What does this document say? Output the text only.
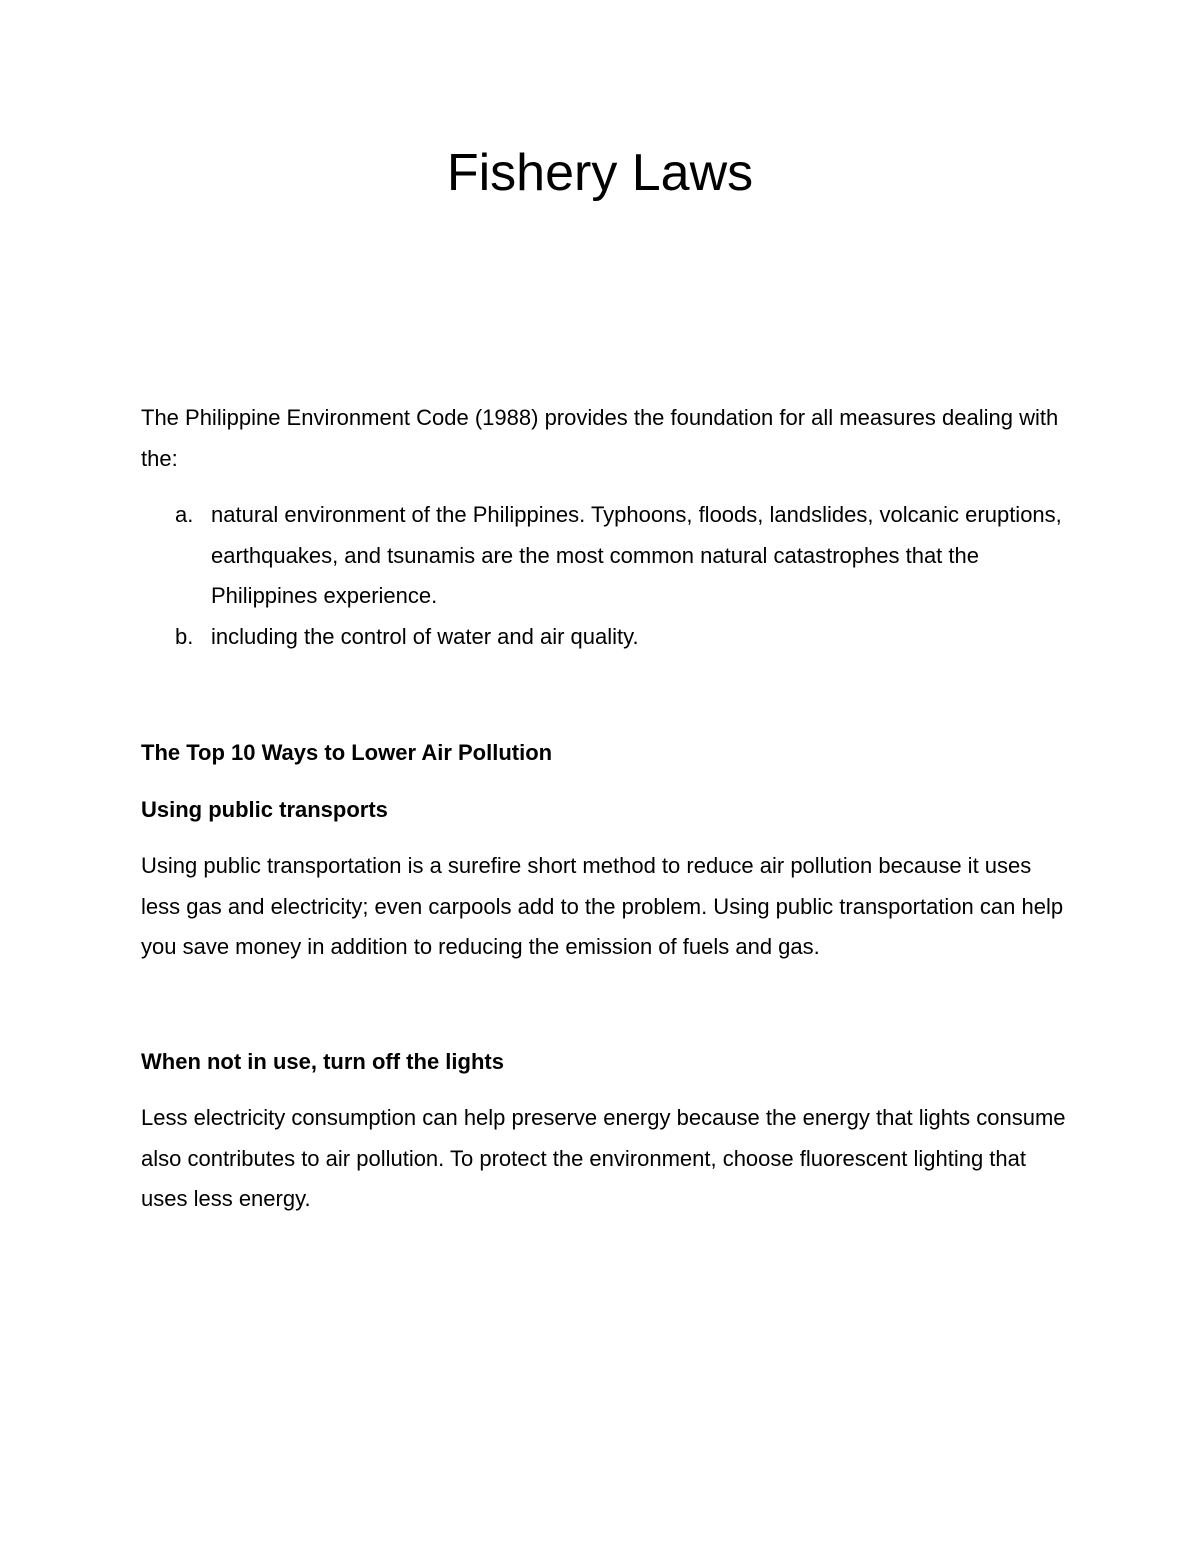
Fishery Laws

The Philippine Environment Code (1988) provides the foundation for all measures dealing with the:

a. natural environment of the Philippines. Typhoons, floods, landslides, volcanic eruptions, earthquakes, and tsunamis are the most common natural catastrophes that the Philippines experience.
b. including the control of water and air quality.
The Top 10 Ways to Lower Air Pollution
Using public transports

Using public transportation is a surefire short method to reduce air pollution because it uses less gas and electricity; even carpools add to the problem. Using public transportation can help you save money in addition to reducing the emission of fuels and gas.

When not in use, turn off the lights

Less electricity consumption can help preserve energy because the energy that lights consume also contributes to air pollution. To protect the environment, choose fluorescent lighting that uses less energy.
